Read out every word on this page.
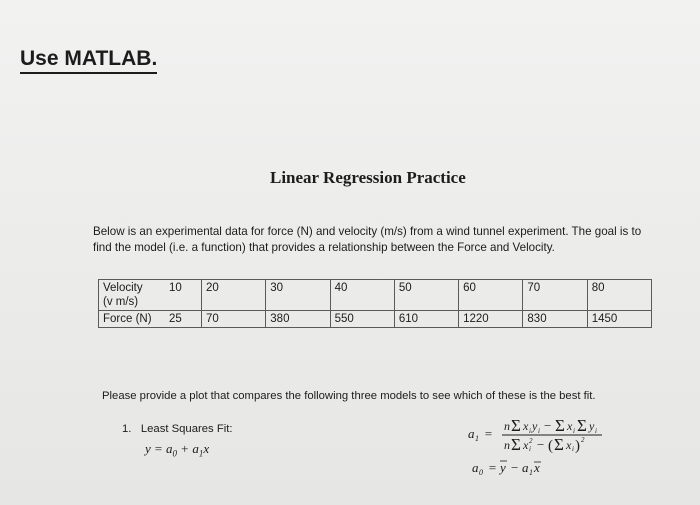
Use MATLAB.
Linear Regression Practice
Below is an experimental data for force (N) and velocity (m/s) from a wind tunnel experiment. The goal is to find the model (i.e. a function) that provides a relationship between the Force and Velocity.
Velocity
(v m/s)	10	20	30	40	50	60	70	80
Force (N)	25	70	380	550	610	1220	830	1450
Please provide a plot that compares the following three models to see which of these is the best fit.
1. Least Squares Fit:
$y = a_0 + a_1x$
a 1 = n Σ x i y i − Σ x i Σ y i
n Σ x i
2 − ( Σ x i ) 2
a 0 = y − a 1 x
